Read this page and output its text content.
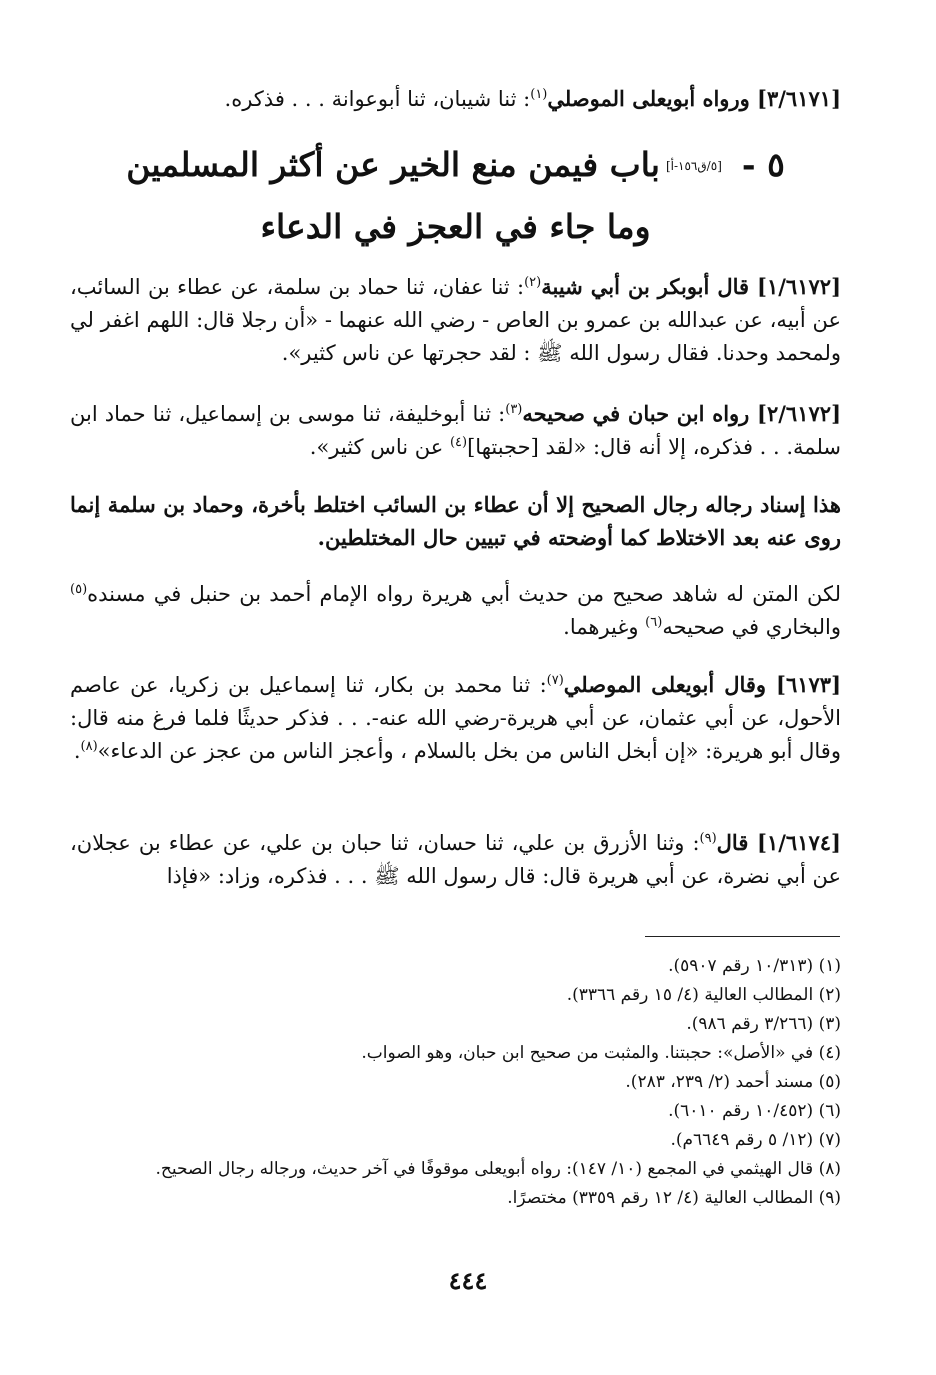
[٣/٦١٧١] ورواه أبويعلى الموصلي$^{(١)}$: ثنا شيبان، ثنا أبوعوانة . . . فذكره.

٥ -[٥/ق١٥٦-أ]باب فيمن منع الخير عن أكثر المسلمين

وما جاء في العجز في الدعاء

[١/٦١٧٢] قال أبوبكر بن أبي شيبة$^{(٢)}$: ثنا عفان، ثنا حماد بن سلمة، عن عطاء بن السائب، عن أبيه، عن عبدالله بن عمرو بن العاص - رضي الله عنهما - «أن رجلا قال: اللهم اغفر لي ولمحمد وحدنا. فقال رسول الله ﷺ : لقد حجرتها عن ناس كثير».

[٢/٦١٧٢] رواه ابن حبان في صحيحه$^{(٣)}$: ثنا أبوخليفة، ثنا موسى بن إسماعيل، ثنا حماد ابن سلمة. . . فذكره، إلا أنه قال: «لقد [حجبتها]$^{(٤)}$ عن ناس كثير».

هذا إسناد رجاله رجال الصحيح إلا أن عطاء بن السائب اختلط بأخرة، وحماد بن سلمة إنما روى عنه بعد الاختلاط كما أوضحته في تبيين حال المختلطين.

لكن المتن له شاهد صحيح من حديث أبي هريرة رواه الإمام أحمد بن حنبل في مسنده$^{(٥)}$ والبخاري في صحيحه$^{(٦)}$ وغيرهما.

[٦١٧٣] وقال أبويعلى الموصلي$^{(٧)}$: ثنا محمد بن بكار، ثنا إسماعيل بن زكريا، عن عاصم الأحول، عن أبي عثمان، عن أبي هريرة-رضي الله عنه-. . . فذكر حديثًا فلما فرغ منه قال: وقال أبو هريرة: «إن أبخل الناس من بخل بالسلام ، وأعجز الناس من عجز عن الدعاء»$^{(٨)}$.

[١/٦١٧٤] قال$^{(٩)}$: وثنا الأزرق بن علي، ثنا حسان، ثنا حبان بن علي، عن عطاء بن عجلان، عن أبي نضرة، عن أبي هريرة قال: قال رسول الله ﷺ . . . فذكره، وزاد: «فإذا

(١) (١٠/٣١٣ رقم ٥٩٠٧).
(٢) المطالب العالية (٤/ ١٥ رقم ٣٣٦٦).
(٣) (٣/٢٦٦ رقم ٩٨٦).
(٤) في «الأصل»: حجبتنا. والمثبت من صحيح ابن حبان، وهو الصواب.
(٥) مسند أحمد (٢/ ٢٣٩، ٢٨٣).
(٦) (١٠/٤٥٢ رقم ٦٠١٠).
(٧) (١٢/ ٥ رقم ٦٦٤٩م).
(٨) قال الهيثمي في المجمع (١٠/ ١٤٧): رواه أبويعلى موقوفًا في آخر حديث، ورجاله رجال الصحيح.
(٩) المطالب العالية (٤/ ١٢ رقم ٣٣٥٩) مختصرًا.
٤٤٤
